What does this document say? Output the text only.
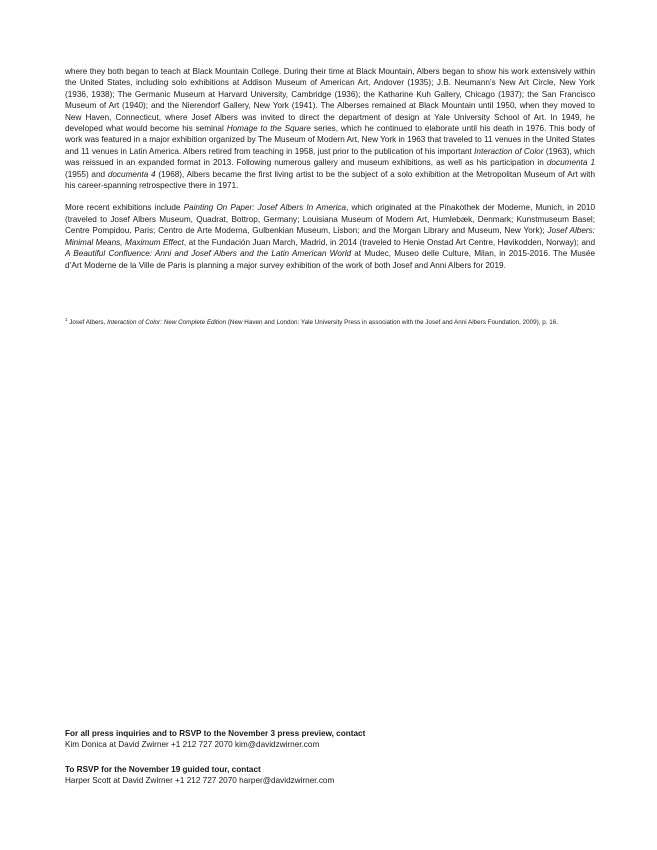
where they both began to teach at Black Mountain College. During their time at Black Mountain, Albers began to show his work extensively within the United States, including solo exhibitions at Addison Museum of American Art, Andover (1935); J.B. Neumann’s New Art Circle, New York (1936, 1938); The Germanic Museum at Harvard University, Cambridge (1936); the Katharine Kuh Gallery, Chicago (1937); the San Francisco Museum of Art (1940); and the Nierendorf Gallery, New York (1941). The Alberses remained at Black Mountain until 1950, when they moved to New Haven, Connecticut, where Josef Albers was invited to direct the department of design at Yale University School of Art. In 1949, he developed what would become his seminal Homage to the Square series, which he continued to elaborate until his death in 1976. This body of work was featured in a major exhibition organized by The Museum of Modern Art, New York in 1963 that traveled to 11 venues in the United States and 11 venues in Latin America. Albers retired from teaching in 1958, just prior to the publication of his important Interaction of Color (1963), which was reissued in an expanded format in 2013. Following numerous gallery and museum exhibitions, as well as his participation in documenta 1 (1955) and documenta 4 (1968), Albers became the first living artist to be the subject of a solo exhibition at the Metropolitan Museum of Art with his career-spanning retrospective there in 1971.

More recent exhibitions include Painting On Paper: Josef Albers In America, which originated at the Pinakothek der Moderne, Munich, in 2010 (traveled to Josef Albers Museum, Quadrat, Bottrop, Germany; Louisiana Museum of Modern Art, Humlebæk, Denmark; Kunstmuseum Basel; Centre Pompidou, Paris; Centro de Arte Moderna, Gulbenkian Museum, Lisbon; and the Morgan Library and Museum, New York); Josef Albers: Minimal Means, Maximum Effect, at the Fundación Juan March, Madrid, in 2014 (traveled to Henie Onstad Art Centre, Høvikodden, Norway); and A Beautiful Confluence: Anni and Josef Albers and the Latin American World at Mudec, Museo delle Culture, Milan, in 2015-2016. The Musée d’Art Moderne de la Ville de Paris is planning a major survey exhibition of the work of both Josef and Anni Albers for 2019.

$^1$ Josef Albers, Interaction of Color: New Complete Edition (New Haven and London: Yale University Press in association with the Josef and Anni Albers Foundation, 2009), p. 16.
For all press inquiries and to RSVP to the November 3 press preview, contact
Kim Donica at David Zwirner +1 212 727 2070 kim@davidzwirner.com
To RSVP for the November 19 guided tour, contact
Harper Scott at David Zwirner +1 212 727 2070 harper@davidzwirner.com
